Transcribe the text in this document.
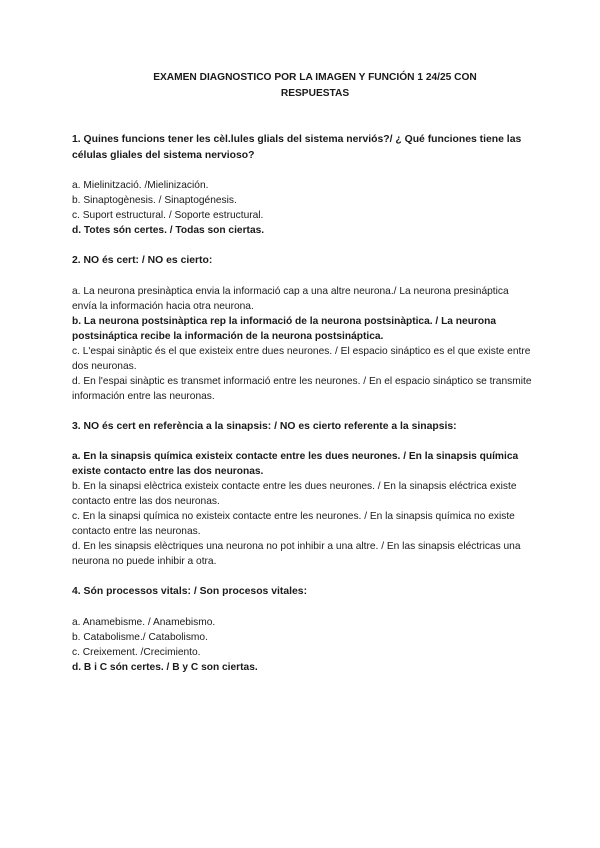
EXAMEN DIAGNOSTICO POR LA IMAGEN Y FUNCIÓN 1 24/25 CON RESPUESTAS
1. Quines funcions tener les cèl.lules glials del sistema nerviós?/ ¿ Qué funciones tiene las células gliales del sistema nervioso?

a. Mielinització. /Mielinización.

b. Sinaptogènesis. / Sinaptogénesis.

c. Suport estructural. / Soporte estructural.

d. Totes són certes. / Todas son ciertas.

2. NO és cert: / NO es cierto:

a. La neurona presinàptica envia la informació cap a una altre neurona./ La neurona presináptica envía la información hacia otra neurona.

b. La neurona postsinàptica rep la informació de la neurona postsinàptica. / La neurona postsináptica recibe la información de la neurona postsináptica.

c. L'espai sinàptic és el que existeix entre dues neurones. / El espacio sináptico es el que existe entre dos neuronas.

d. En l'espai sinàptic es transmet informació entre les neurones. / En el espacio sináptico se transmite información entre las neuronas.

3. NO és cert en referència a la sinapsis: / NO es cierto referente a la sinapsis:

a. En la sinapsis química existeix contacte entre les dues neurones. / En la sinapsis química existe contacto entre las dos neuronas.

b. En la sinapsi elèctrica existeix contacte entre les dues neurones. / En la sinapsis eléctrica existe contacto entre las dos neuronas.

c. En la sinapsi química no existeix contacte entre les neurones. / En la sinapsis química no existe contacto entre las neuronas.

d. En les sinapsis elèctriques una neurona no pot inhibir a una altre. / En las sinapsis eléctricas una neurona no puede inhibir a otra.

4. Són processos vitals: / Son procesos vitales:

a. Anamebisme. / Anamebismo.

b. Catabolisme./ Catabolismo.

c. Creixement. /Crecimiento.

d. B i C són certes. / B y C son ciertas.
